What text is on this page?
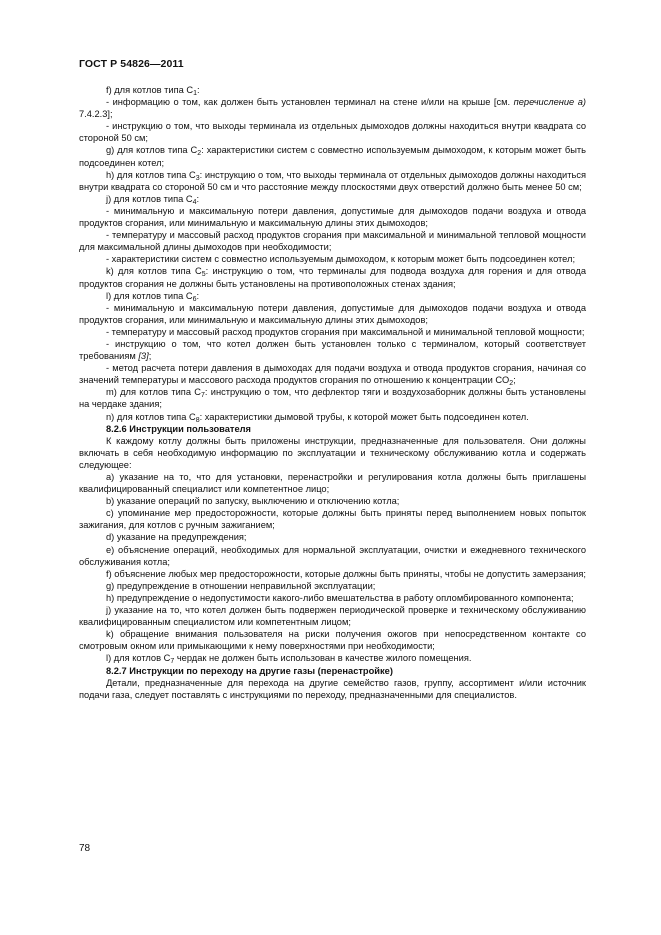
ГОСТ Р 54826—2011

f) для котлов типа $C_1$:

- информацию о том, как должен быть установлен терминал на стене и/или на крыше [см. перечисление а) 7.4.2.3];

- инструкцию о том, что выходы терминала из отдельных дымоходов должны находиться внутри квадрата со стороной 50 см;

g) для котлов типа $C_2$: характеристики систем с совместно используемым дымоходом, к которым может быть подсоединен котел;

h) для котлов типа $C_3$: инструкцию о том, что выходы терминала от отдельных дымоходов должны находиться внутри квадрата со стороной 50 см и что расстояние между плоскостями двух отверстий должно быть менее 50 см;

j) для котлов типа $C_4$:

- минимальную и максимальную потери давления, допустимые для дымоходов подачи воздуха и отвода продуктов сгорания, или минимальную и максимальную длины этих дымоходов;

- температуру и массовый расход продуктов сгорания при максимальной и минимальной тепловой мощности для максимальной длины дымоходов при необходимости;

- характеристики систем с совместно используемым дымоходом, к которым может быть подсоединен котел;

k) для котлов типа $C_5$: инструкцию о том, что терминалы для подвода воздуха для горения и для отвода продуктов сгорания не должны быть установлены на противоположных стенах здания;

l) для котлов типа $C_6$:

- минимальную и максимальную потери давления, допустимые для дымоходов подачи воздуха и отвода продуктов сгорания, или минимальную и максимальную длины этих дымоходов;

- температуру и массовый расход продуктов сгорания при максимальной и минимальной тепловой мощности;

- инструкцию о том, что котел должен быть установлен только с терминалом, который соответствует требованиям [3];

- метод расчета потери давления в дымоходах для подачи воздуха и отвода продуктов сгорания, начиная со значений температуры и массового расхода продуктов сгорания по отношению к концентрации $CO_2$;

m) для котлов типа $C_7$: инструкцию о том, что дефлектор тяги и воздухозаборник должны быть установлены на чердаке здания;

n) для котлов типа $C_8$: характеристики дымовой трубы, к которой может быть подсоединен котел.

8.2.6 Инструкции пользователя

К каждому котлу должны быть приложены инструкции, предназначенные для пользователя. Они должны включать в себя необходимую информацию по эксплуатации и техническому обслуживанию котла и содержать следующее:

a) указание на то, что для установки, перенастройки и регулирования котла должны быть приглашены квалифицированный специалист или компетентное лицо;

b) указание операций по запуску, выключению и отключению котла;

c) упоминание мер предосторожности, которые должны быть приняты перед выполнением новых попыток зажигания, для котлов с ручным зажиганием;

d) указание на предупреждения;

e) объяснение операций, необходимых для нормальной эксплуатации, очистки и ежедневного технического обслуживания котла;

f) объяснение любых мер предосторожности, которые должны быть приняты, чтобы не допустить замерзания;

g) предупреждение в отношении неправильной эксплуатации;

h) предупреждение о недопустимости какого-либо вмешательства в работу опломбированного компонента;

j) указание на то, что котел должен быть подвержен периодической проверке и техническому обслуживанию квалифицированным специалистом или компетентным лицом;

k) обращение внимания пользователя на риски получения ожогов при непосредственном контакте со смотровым окном или примыкающими к нему поверхностями при необходимости;

l) для котлов $C_7$ чердак не должен быть использован в качестве жилого помещения.

8.2.7 Инструкции по переходу на другие газы (перенастройке)

Детали, предназначенные для перехода на другие семейство газов, группу, ассортимент и/или источник подачи газа, следует поставлять с инструкциями по переходу, предназначенными для специалистов.

78
